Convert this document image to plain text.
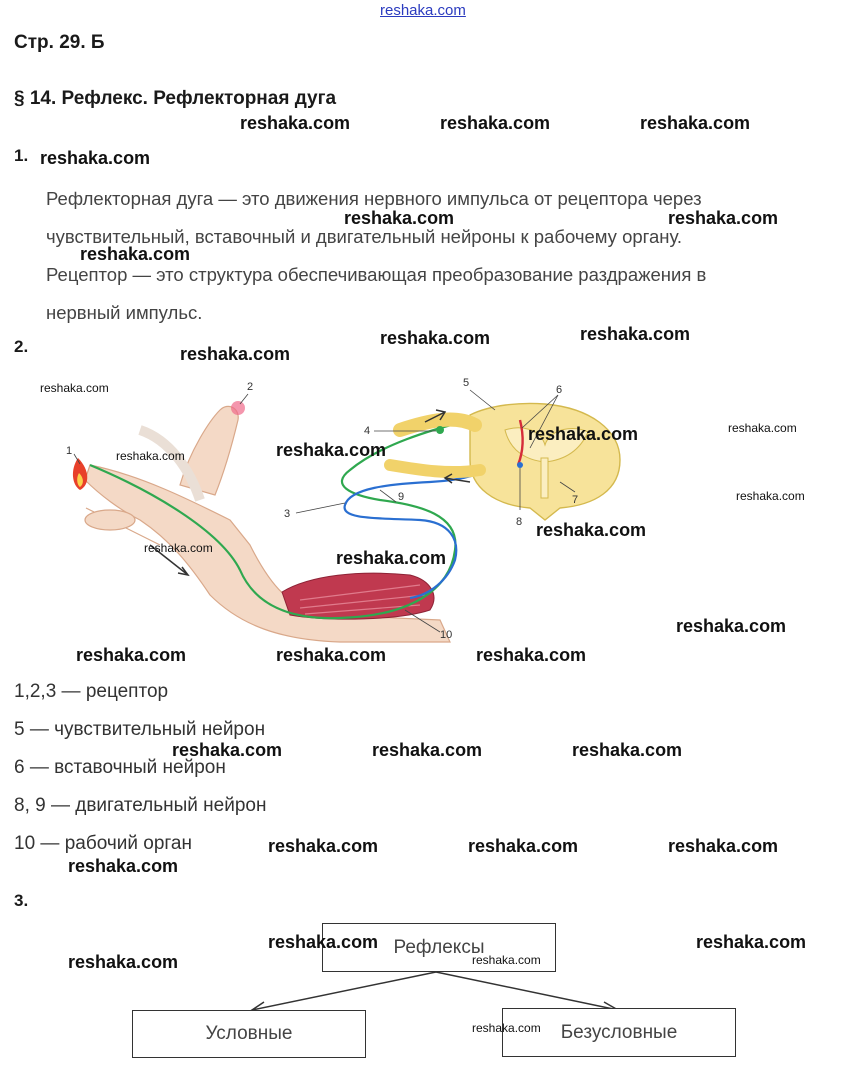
reshaka.com
Стр. 29. Б
§ 14. Рефлекс. Рефлекторная дуга
1.

Рефлекторная дуга — это движения нервного импульса от рецептора через

чувствительный, вставочный и двигательный нейроны к рабочему органу.

Рецептор — это структура обеспечивающая преобразование раздражения в

нервный импульс.

2.
1
2
3
4
5
6
7
8
9
10
1,2,3 — рецептор
5 — чувствительный нейрон
6 — вставочный нейрон
8, 9 — двигательный нейрон
10 — рабочий орган
3.
Рефлексы
Условные	Безусловные
reshaka.com	reshaka.com	reshaka.com
reshaka.com
reshaka.com	reshaka.com
reshaka.com
reshaka.com
reshaka.com
reshaka.com
reshaka.com
reshaka.com
reshaka.com
reshaka.com
reshaka.com
reshaka.com
reshaka.com
reshaka.com	reshaka.com
reshaka.com
reshaka.com	reshaka.com	reshaka.com
reshaka.com	reshaka.com	reshaka.com
reshaka.com	reshaka.com	reshaka.com
reshaka.com
reshaka.com	reshaka.com
reshaka.com
reshaka.com
reshaka.com
